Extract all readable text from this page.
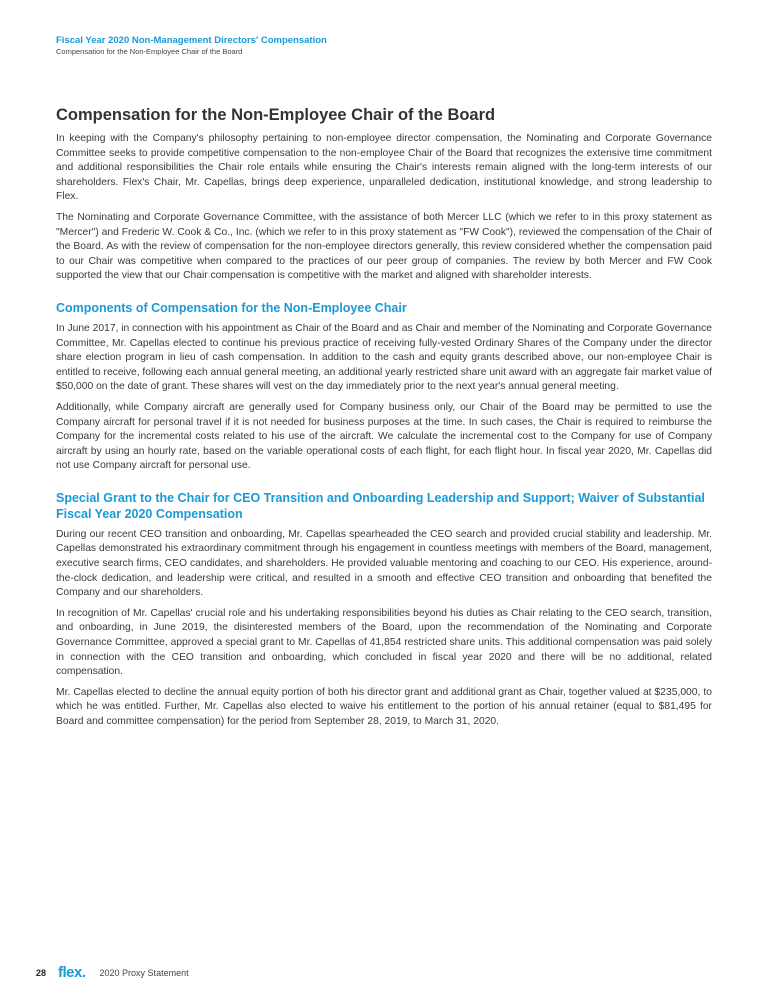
Fiscal Year 2020 Non-Management Directors' Compensation
Compensation for the Non-Employee Chair of the Board
Compensation for the Non-Employee Chair of the Board

In keeping with the Company's philosophy pertaining to non-employee director compensation, the Nominating and Corporate Governance Committee seeks to provide competitive compensation to the non-employee Chair of the Board that recognizes the extensive time commitment and additional responsibilities the Chair role entails while ensuring the Chair's interests remain aligned with the long-term interests of our shareholders. Flex's Chair, Mr. Capellas, brings deep experience, unparalleled dedication, institutional knowledge, and strong leadership to Flex.

The Nominating and Corporate Governance Committee, with the assistance of both Mercer LLC (which we refer to in this proxy statement as "Mercer") and Frederic W. Cook & Co., Inc. (which we refer to in this proxy statement as "FW Cook"), reviewed the compensation of the Chair of the Board. As with the review of compensation for the non-employee directors generally, this review considered whether the compensation paid to our Chair was competitive when compared to the practices of our peer group of companies. The review by both Mercer and FW Cook supported the view that our Chair compensation is competitive with the market and aligned with shareholder interests.

Components of Compensation for the Non-Employee Chair

In June 2017, in connection with his appointment as Chair of the Board and as Chair and member of the Nominating and Corporate Governance Committee, Mr. Capellas elected to continue his previous practice of receiving fully-vested Ordinary Shares of the Company under the director share election program in lieu of cash compensation. In addition to the cash and equity grants described above, our non-employee Chair is entitled to receive, following each annual general meeting, an additional yearly restricted share unit award with an aggregate fair market value of $50,000 on the date of grant. These shares will vest on the day immediately prior to the next year's annual general meeting.

Additionally, while Company aircraft are generally used for Company business only, our Chair of the Board may be permitted to use the Company aircraft for personal travel if it is not needed for business purposes at the time. In such cases, the Chair is required to reimburse the Company for the incremental costs related to his use of the aircraft. We calculate the incremental cost to the Company for use of Company aircraft by using an hourly rate, based on the variable operational costs of each flight, for each flight hour. In fiscal year 2020, Mr. Capellas did not use Company aircraft for personal use.

Special Grant to the Chair for CEO Transition and Onboarding Leadership and Support; Waiver of Substantial Fiscal Year 2020 Compensation

During our recent CEO transition and onboarding, Mr. Capellas spearheaded the CEO search and provided crucial stability and leadership. Mr. Capellas demonstrated his extraordinary commitment through his engagement in countless meetings with members of the Board, management, executive search firms, CEO candidates, and shareholders. He provided valuable mentoring and coaching to our CEO. His experience, around-the-clock dedication, and leadership were critical, and resulted in a smooth and effective CEO transition and onboarding that benefited the Company and our shareholders.

In recognition of Mr. Capellas' crucial role and his undertaking responsibilities beyond his duties as Chair relating to the CEO search, transition, and onboarding, in June 2019, the disinterested members of the Board, upon the recommendation of the Nominating and Corporate Governance Committee, approved a special grant to Mr. Capellas of 41,854 restricted share units. This additional compensation was paid solely in connection with the CEO transition and onboarding, which concluded in fiscal year 2020 and there will be no additional, related compensation.

Mr. Capellas elected to decline the annual equity portion of both his director grant and additional grant as Chair, together valued at $235,000, to which he was entitled. Further, Mr. Capellas also elected to waive his entitlement to the portion of his annual retainer (equal to $81,495 for Board and committee compensation) for the period from September 28, 2019, to March 31, 2020.

28 flex. 2020 Proxy Statement
